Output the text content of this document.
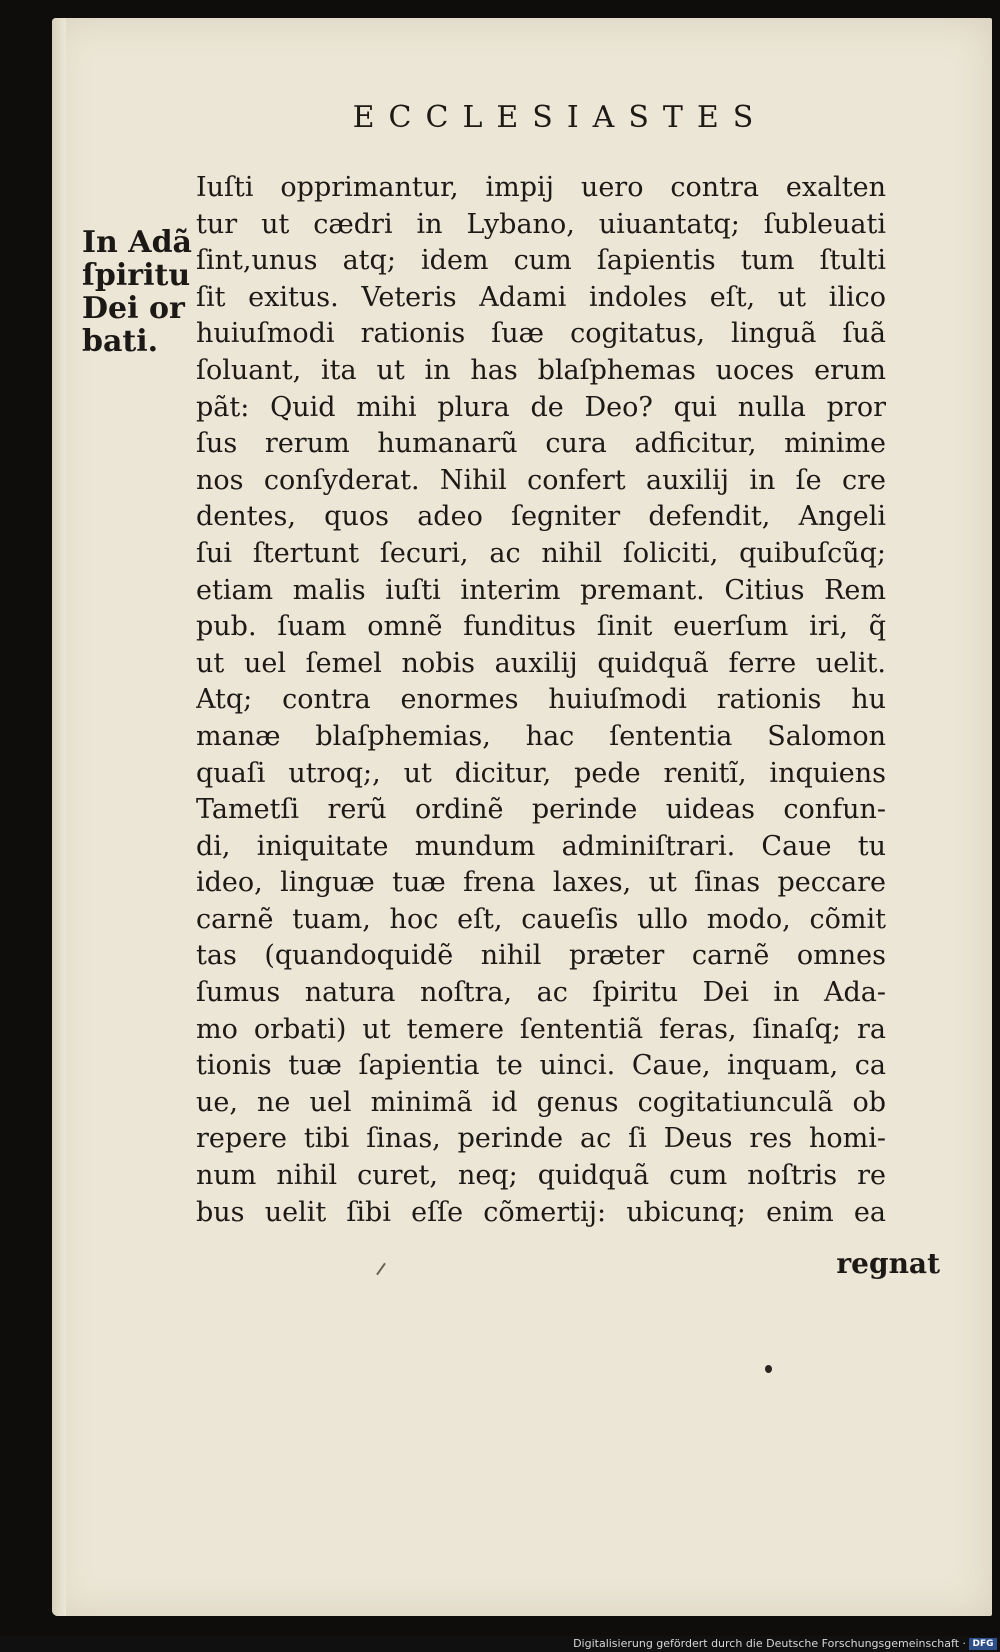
ECCLESIASTES
In Adã
ſpiritu
Dei or
bati.
Iuſti opprimantur, impij uero contra exalten
tur ut cædri in Lybano, uiuantatq; ſubleuati
ſint,unus atq; idem cum ſapientis tum ſtulti
ſit exitus. Veteris Adami indoles eſt, ut ilico
huiuſmodi rationis ſuæ cogitatus, linguã ſuã
ſoluant, ita ut in has blaſphemas uoces erum
pãt: Quid mihi plura de Deo? qui nulla pror
ſus rerum humanarũ cura adficitur, minime
nos conſyderat. Nihil confert auxilij in ſe cre
dentes, quos adeo ſegniter defendit, Angeli
ſui ſtertunt ſecuri, ac nihil ſoliciti, quibuſcũq;
etiam malis iuſti interim premant. Citius Rem
pub. ſuam omnẽ funditus ſinit euerſum iri, q̃
ut uel ſemel nobis auxilij quidquã ferre uelit.
Atq; contra enormes huiuſmodi rationis hu
manæ blaſphemias, hac ſententia Salomon
quaſi utroq;, ut dicitur, pede renitĩ, inquiens
Tametſi rerũ ordinẽ perinde uideas confun-
di, iniquitate mundum adminiſtrari. Caue tu
ideo, linguæ tuæ frena laxes, ut ſinas peccare
carnẽ tuam, hoc eſt, caueſis ullo modo, cõmit
tas (quandoquidẽ nihil præter carnẽ omnes
ſumus natura noſtra, ac ſpiritu Dei in Ada-
mo orbati) ut temere ſententiã feras, ſinaſq; ra
tionis tuæ ſapientia te uinci. Caue, inquam, ca
ue, ne uel minimã id genus cogitatiunculã ob
repere tibi ſinas, perinde ac ſi Deus res homi-
num nihil curet, neq; quidquã cum noſtris re
bus uelit ſibi eſſe cõmertij: ubicunq; enim ea
regnat
Digitalisierung gefördert durch die Deutsche Forschungsgemeinschaft · DFG
